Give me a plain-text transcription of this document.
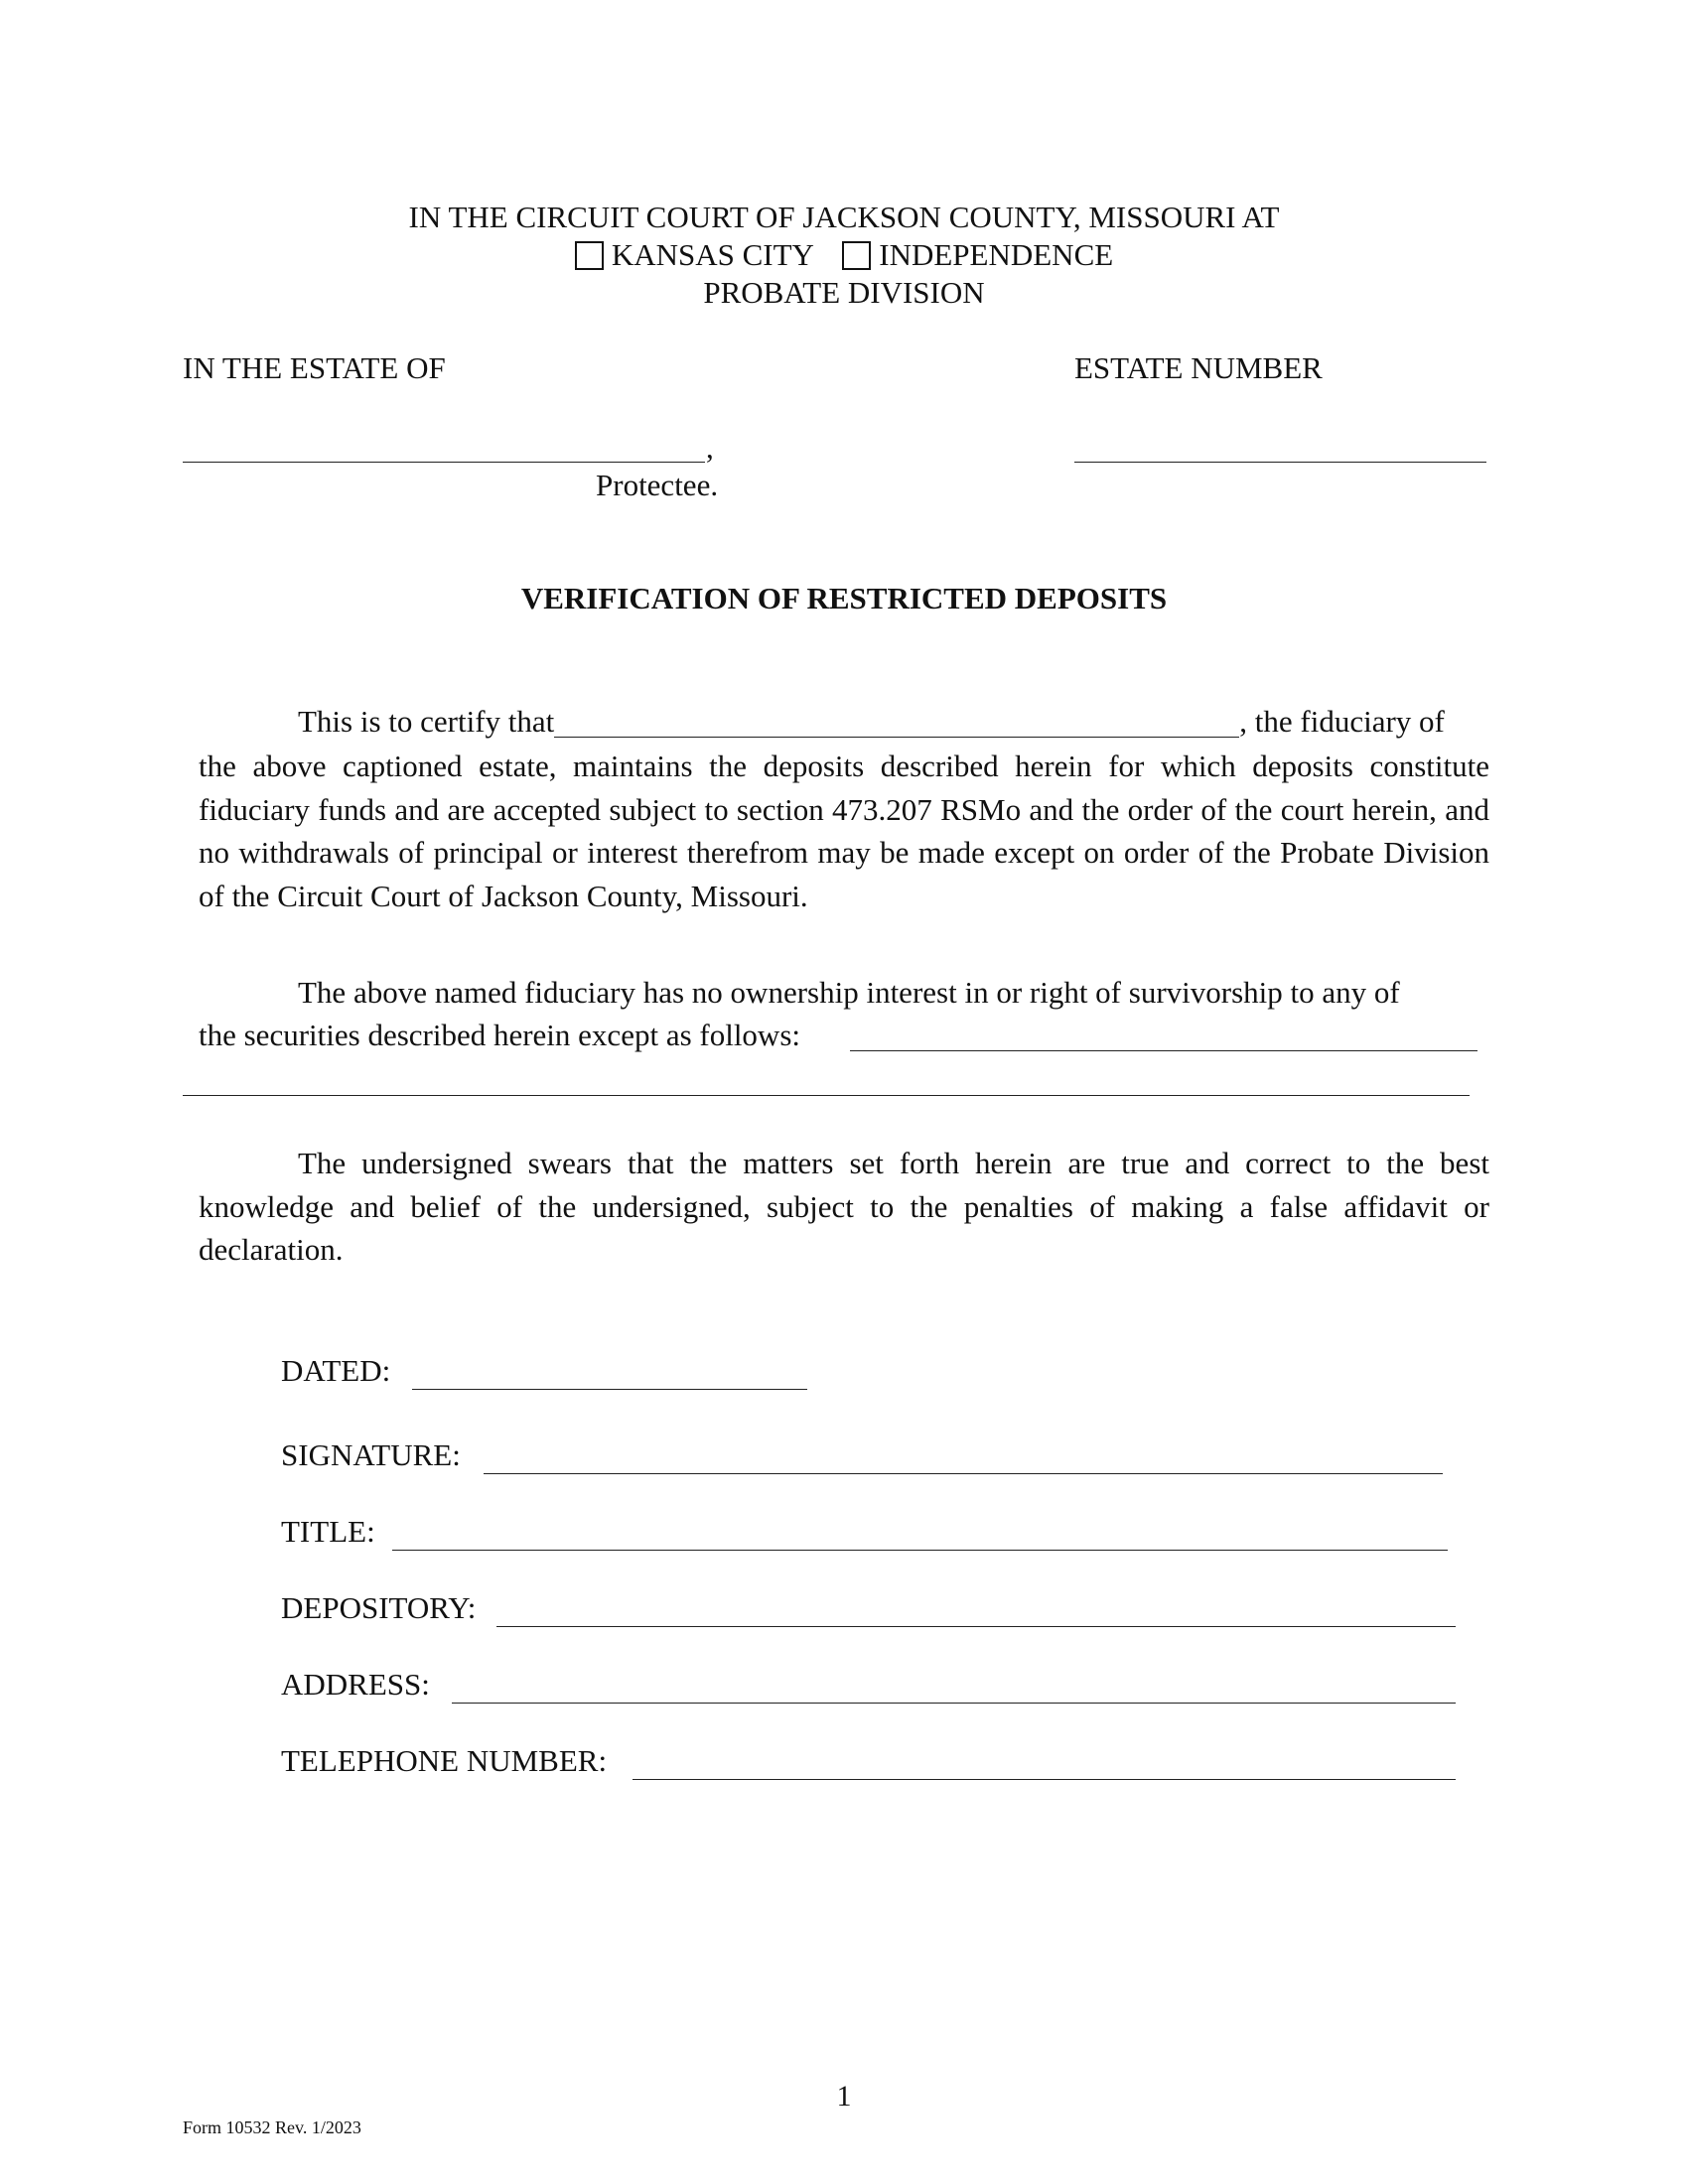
IN THE CIRCUIT COURT OF JACKSON COUNTY, MISSOURI AT
KANSAS CITY INDEPENDENCE
PROBATE DIVISION
IN THE ESTATE OF	ESTATE NUMBER
,
Protectee.
VERIFICATION OF RESTRICTED DEPOSITS
This is to certify that	, the fiduciary of
the above captioned estate, maintains the deposits described herein for which deposits constitute fiduciary funds and are accepted subject to section 473.207 RSMo and the order of the court herein, and no withdrawals of principal or interest therefrom may be made except on order of the Probate Division of the Circuit Court of Jackson County, Missouri.
The above named fiduciary has no ownership interest in or right of survivorship to any of
the securities described herein except as follows:
The undersigned swears that the matters set forth herein are true and correct to the best knowledge and belief of the undersigned, subject to the penalties of making a false affidavit or declaration.
DATED:
SIGNATURE:
TITLE:
DEPOSITORY:
ADDRESS:
TELEPHONE NUMBER:
1
Form 10532 Rev. 1/2023
